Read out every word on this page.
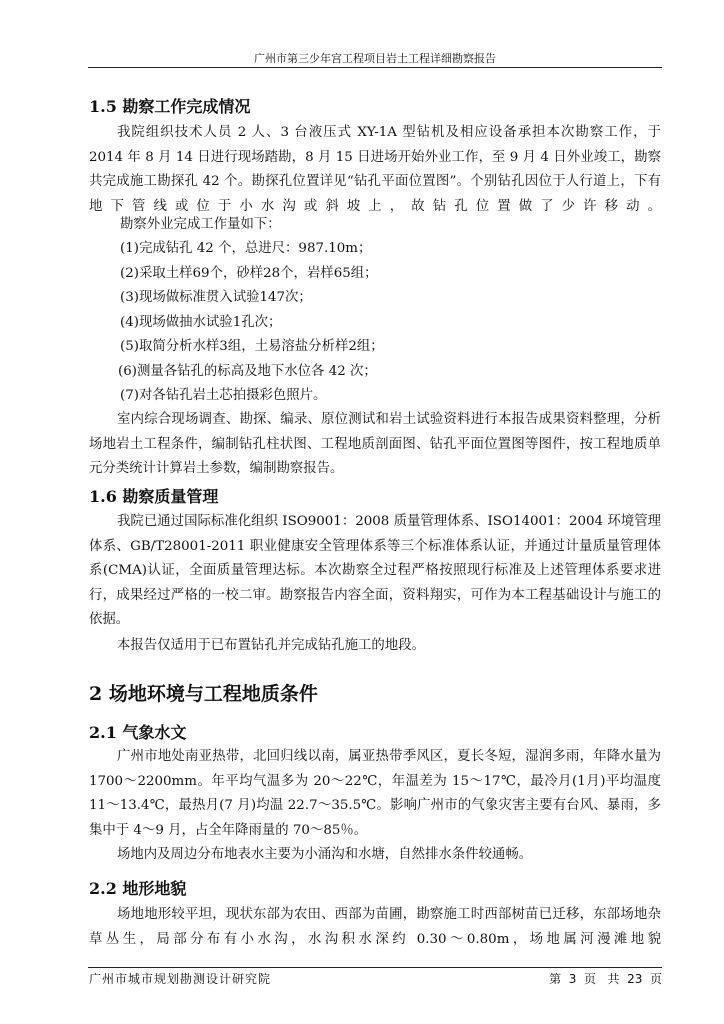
广州市第三少年宫工程项目岩土工程详细勘察报告
1.5 勘察工作完成情况

我院组织技术人员 2 人、3 台液压式 XY-1A 型钻机及相应设备承担本次勘察工作，于 2014 年 8 月 14 日进行现场踏勘，8 月 15 日进场开始外业工作，至 9 月 4 日外业竣工，勘察共完成施工勘探孔 42 个。勘探孔位置详见“钻孔平面位置图”。个别钻孔因位于人行道上，下有地下管线或位于小水沟或斜坡上，故钻孔位置做了少许移动。

勘察外业完成工作量如下：

(1)完成钻孔 42 个，总进尺：987.10m；

(2)采取土样69个，砂样28个，岩样65组；

(3)现场做标准贯入试验147次；

(4)现场做抽水试验1孔次；

(5)取简分析水样3组，土易溶盐分析样2组；

(6)测量各钻孔的标高及地下水位各 42 次；

(7)对各钻孔岩土芯拍摄彩色照片。

室内综合现场调查、勘探、编录、原位测试和岩土试验资料进行本报告成果资料整理，分析场地岩土工程条件，编制钻孔柱状图、工程地质剖面图、钻孔平面位置图等图件，按工程地质单元分类统计计算岩土参数，编制勘察报告。

1.6 勘察质量管理

我院已通过国际标准化组织 ISO9001：2008 质量管理体系、ISO14001：2004 环境管理体系、GB/T28001-2011 职业健康安全管理体系等三个标准体系认证，并通过计量质量管理体系(CMA)认证，全面质量管理达标。本次勘察全过程严格按照现行标准及上述管理体系要求进行，成果经过严格的一校二审。勘察报告内容全面，资料翔实，可作为本工程基础设计与施工的依据。

本报告仅适用于已布置钻孔并完成钻孔施工的地段。

2 场地环境与工程地质条件
2.1 气象水文

广州市地处南亚热带，北回归线以南，属亚热带季风区，夏长冬短，湿润多雨，年降水量为 1700～2200mm。年平均气温多为 20～22℃，年温差为 15～17℃，最冷月(1月)平均温度 11～13.4℃，最热月(7 月)均温 22.7～35.5℃。影响广州市的气象灾害主要有台风、暴雨，多集中于 4～9 月，占全年降雨量的 70～85％。

场地内及周边分布地表水主要为小涌沟和水塘，自然排水条件较通畅。

2.2 地形地貌

场地地形较平坦，现状东部为农田、西部为苗圃，勘察施工时西部树苗已迁移，东部场地杂草丛生，局部分布有小水沟，水沟积水深约 0.30～0.80m，场地属河漫滩地貌

广州市城市规划勘测设计研究院	第  3  页   共  23  页
